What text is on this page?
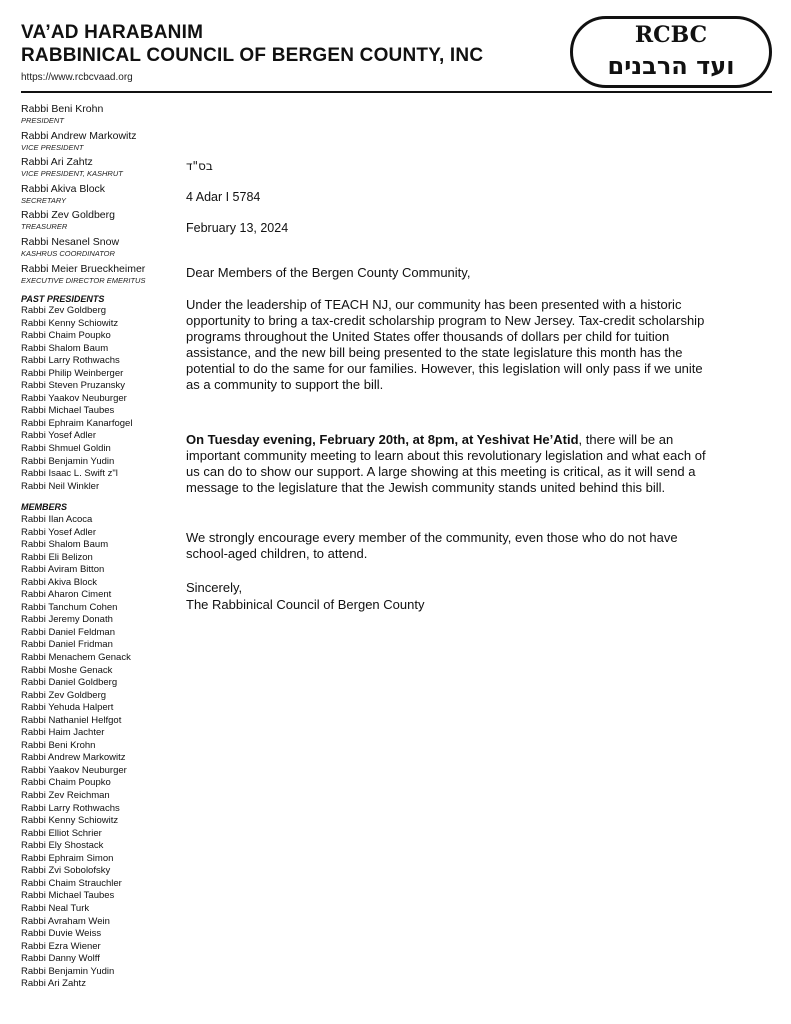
VA’AD HARABANIM
RABBINICAL COUNCIL OF BERGEN COUNTY, INC
https://www.rcbcvaad.org
RCBC
ועד הרבנים
Rabbi Beni Krohn
PRESIDENT
Rabbi Andrew Markowitz
VICE PRESIDENT
Rabbi Ari Zahtz
VICE PRESIDENT, KASHRUT
Rabbi Akiva Block
SECRETARY
Rabbi Zev Goldberg
TREASURER
Rabbi Nesanel Snow
KASHRUS COORDINATOR
Rabbi Meier Brueckheimer
EXECUTIVE DIRECTOR EMERITUS
PAST PRESIDENTS
Rabbi Zev Goldberg
Rabbi Kenny Schiowitz
Rabbi Chaim Poupko
Rabbi Shalom Baum
Rabbi Larry Rothwachs
Rabbi Philip Weinberger
Rabbi Steven Pruzansky
Rabbi Yaakov Neuburger
Rabbi Michael Taubes
Rabbi Ephraim Kanarfogel
Rabbi Yosef Adler
Rabbi Shmuel Goldin
Rabbi Benjamin Yudin
Rabbi Isaac L. Swift z"l
Rabbi Neil Winkler
MEMBERS
Rabbi Ilan Acoca
Rabbi Yosef Adler
Rabbi Shalom Baum
Rabbi Eli Belizon
Rabbi Aviram Bitton
Rabbi Akiva Block
Rabbi Aharon Ciment
Rabbi Tanchum Cohen
Rabbi Jeremy Donath
Rabbi Daniel Feldman
Rabbi Daniel Fridman
Rabbi Menachem Genack
Rabbi Moshe Genack
Rabbi Daniel Goldberg
Rabbi Zev Goldberg
Rabbi Yehuda Halpert
Rabbi Nathaniel Helfgot
Rabbi Haim Jachter
Rabbi Beni Krohn
Rabbi Andrew Markowitz
Rabbi Yaakov Neuburger
Rabbi Chaim Poupko
Rabbi Zev Reichman
Rabbi Larry Rothwachs
Rabbi Kenny Schiowitz
Rabbi Elliot Schrier
Rabbi Ely Shostack
Rabbi Ephraim Simon
Rabbi Zvi Sobolofsky
Rabbi Chaim Strauchler
Rabbi Michael Taubes
Rabbi Neal Turk
Rabbi Avraham Wein
Rabbi Duvie Weiss
Rabbi Ezra Wiener
Rabbi Danny Wolff
Rabbi Benjamin Yudin
Rabbi Ari Zahtz
בס"ד
4 Adar I 5784
February 13, 2024
Dear Members of the Bergen County Community,
Under the leadership of TEACH NJ, our community has been presented with a historic opportunity to bring a tax-credit scholarship program to New Jersey. Tax-credit scholarship programs throughout the United States offer thousands of dollars per child for tuition assistance, and the new bill being presented to the state legislature this month has the potential to do the same for our families. However, this legislation will only pass if we unite as a community to support the bill.
On Tuesday evening, February 20th, at 8pm, at Yeshivat He’Atid, there will be an important community meeting to learn about this revolutionary legislation and what each of us can do to show our support. A large showing at this meeting is critical, as it will send a message to the legislature that the Jewish community stands united behind this bill.
We strongly encourage every member of the community, even those who do not have school-aged children, to attend.
Sincerely,
The Rabbinical Council of Bergen County
